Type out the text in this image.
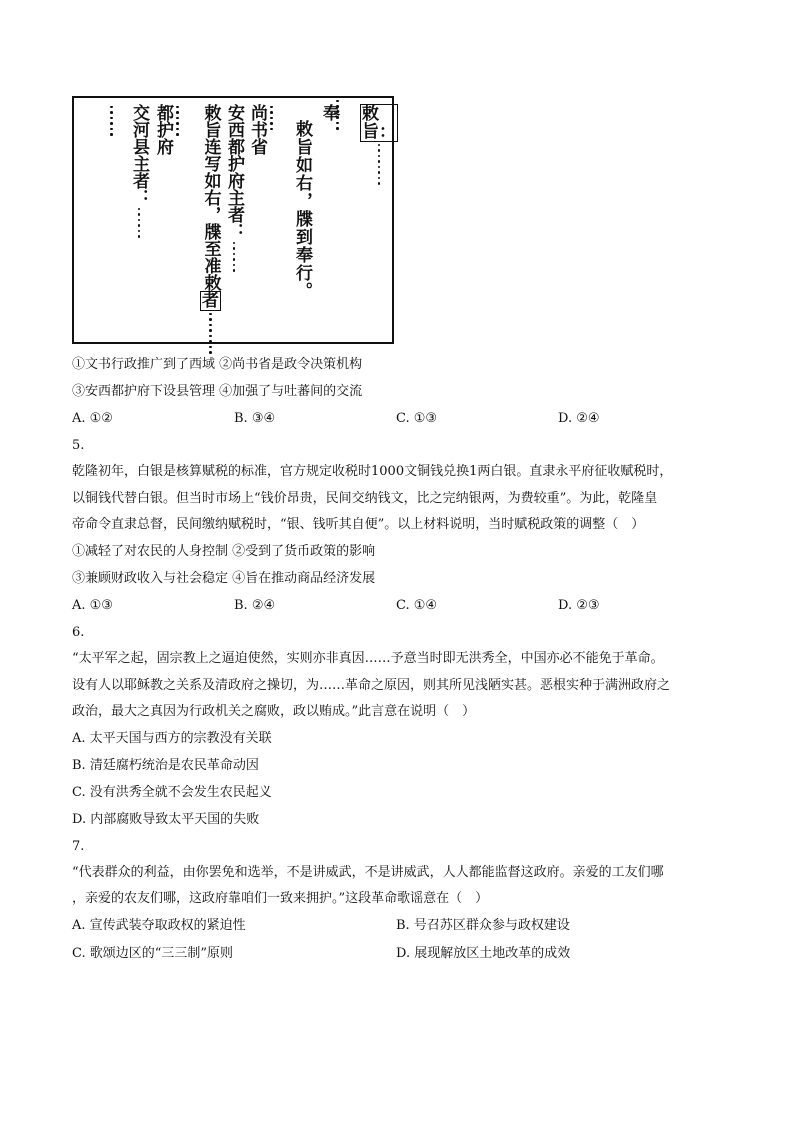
敕旨：
奉
敕旨如右，牒到奉行。
尚书省
安西都护府主者：
敕旨连写如右，牒至准敕
者
都护府
交河县主者：
①文书行政推广到了西域 ②尚书省是政令决策机构
③安西都护府下设县管理 ④加强了与吐蕃间的交流
A. ①②	B. ③④	C. ①③	D. ②④
5.
乾隆初年，白银是核算赋税的标准，官方规定收税时1000文铜钱兑换1两白银。直隶永平府征收赋税时，
以铜钱代替白银。但当时市场上“钱价昂贵，民间交纳钱文，比之完纳银两，为费较重”。为此，乾隆皇
帝命令直隶总督，民间缴纳赋税时，“银、钱听其自便”。以上材料说明，当时赋税政策的调整（　）
①减轻了对农民的人身控制 ②受到了货币政策的影响
③兼顾财政收入与社会稳定 ④旨在推动商品经济发展
A. ①③	B. ②④	C. ①④	D. ②③
6.
“太平军之起，固宗教上之逼迫使然，实则亦非真因……予意当时即无洪秀全，中国亦必不能免于革命。
设有人以耶稣教之关系及清政府之操切，为……革命之原因，则其所见浅陋实甚。恶根实种于满洲政府之
政治，最大之真因为行政机关之腐败，政以贿成。”此言意在说明（　）
A. 太平天国与西方的宗教没有关联
B. 清廷腐朽统治是农民革命动因
C. 没有洪秀全就不会发生农民起义
D. 内部腐败导致太平天国的失败
7.
“代表群众的利益，由你罢免和选举，不是讲威武，不是讲威武，人人都能监督这政府。亲爱的工友们哪
，亲爱的农友们哪，这政府靠咱们一致来拥护。”这段革命歌谣意在（　）
A. 宣传武装夺取政权的紧迫性	B. 号召苏区群众参与政权建设
C. 歌颂边区的“三三制”原则	D. 展现解放区土地改革的成效
